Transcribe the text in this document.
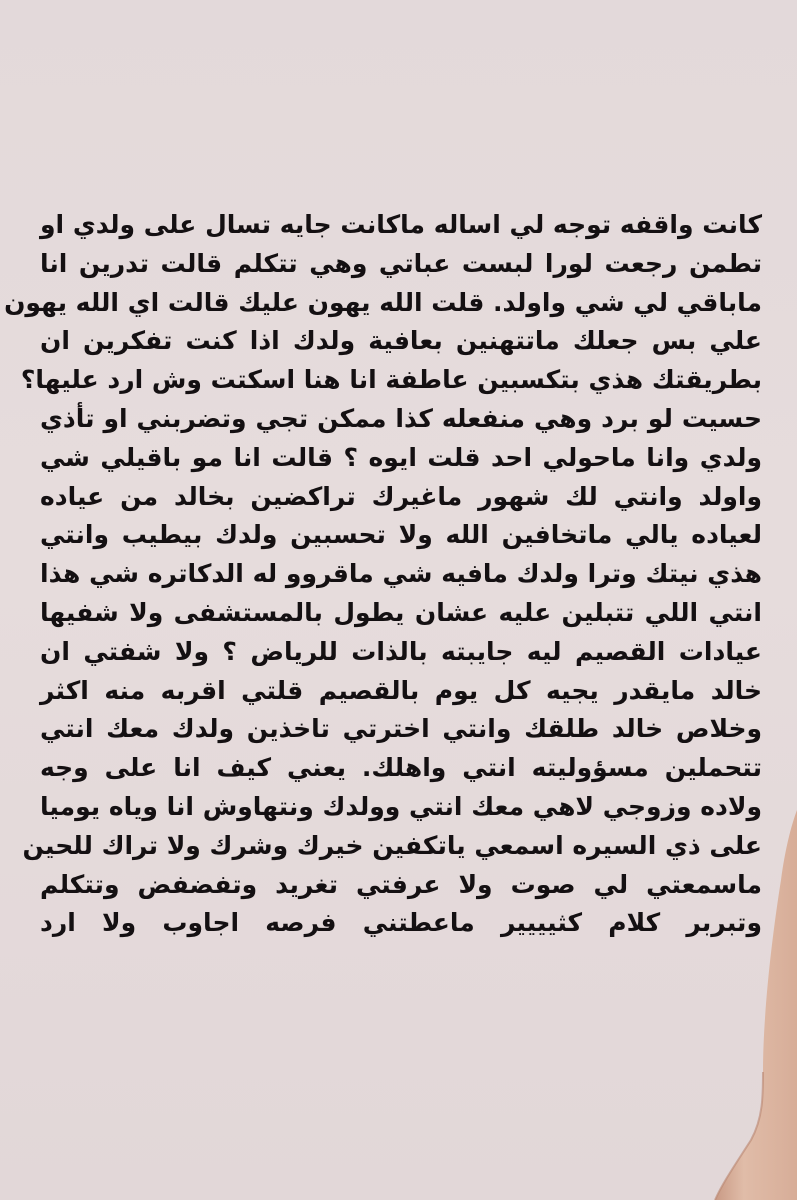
كانت واقفه توجه لي اساله ماكانت جايه تسال على ولدي او
تطمن رجعت لورا لبست عباتي وهي تتكلم قالت تدرين انا
ماباقي لي شي واولد. قلت الله يهون عليك قالت اي الله يهون
علي بس جعلك ماتتهنين بعافية ولدك اذا كنت تفكرين ان
بطريقتك هذي بتكسبين عاطفة انا هنا اسكتت وش ارد عليها؟
حسيت لو برد وهي منفعله كذا ممكن تجي وتضربني او تأذي
ولدي وانا ماحولي احد قلت ايوه ؟ قالت انا مو باقيلي شي
واولد وانتي لك شهور ماغيرك تراكضين بخالد من عياده
لعياده يالي ماتخافين الله ولا تحسبين ولدك بيطيب وانتي
هذي نيتك وترا ولدك مافيه شي ماقروو له الدكاتره شي هذا
انتي اللي تتبلين عليه عشان يطول بالمستشفى ولا شفيها
عيادات القصيم ليه جايبته بالذات للرياض ؟ ولا شفتي ان
خالد مايقدر يجيه كل يوم بالقصيم قلتي اقربه منه اكثر
وخلاص خالد طلقك وانتي اخترتي تاخذين ولدك معك انتي
تتحملين مسؤوليته انتي واهلك. يعني كيف انا على وجه
ولاده وزوجي لاهي معك انتي وولدك ونتهاوش انا وياه يوميا
على ذي السيره اسمعي ياتكفين خيرك وشرك ولا تراك للحين
ماسمعتي لي صوت ولا عرفتي تغريد وتفضفض وتتكلم
وتبربر كلام كثيييير ماعطتني فرصه اجاوب ولا ارد
